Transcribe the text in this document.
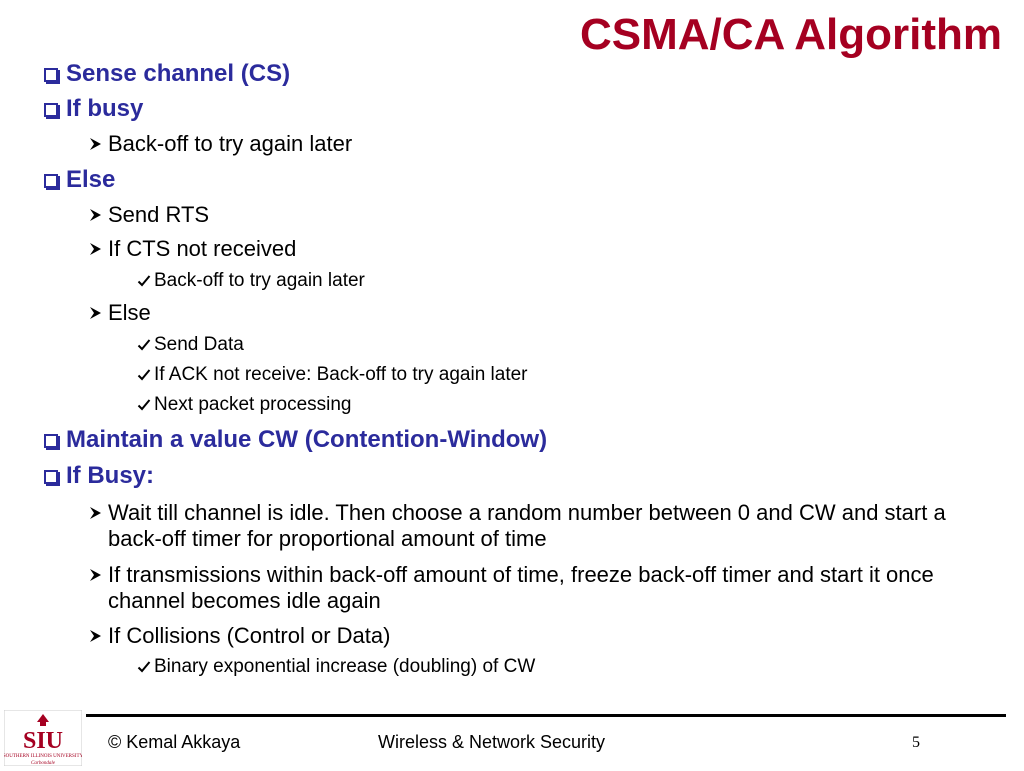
CSMA/CA Algorithm
Sense channel (CS)
If busy
Back-off to try again later
Else
Send RTS
If CTS not received
Back-off to try again later
Else
Send Data
If ACK not receive: Back-off to try again later
Next packet processing
Maintain a value CW (Contention-Window)
If Busy:
Wait till channel is idle. Then choose a random number between 0 and CW and start a back-off timer for proportional amount of time
If transmissions within back-off amount of time, freeze back-off timer and start it once channel becomes idle again
If Collisions (Control or Data)
Binary exponential increase (doubling) of CW
SIU
SOUTHERN ILLINOIS UNIVERSITY
Carbondale
© Kemal Akkaya	Wireless & Network Security	5
